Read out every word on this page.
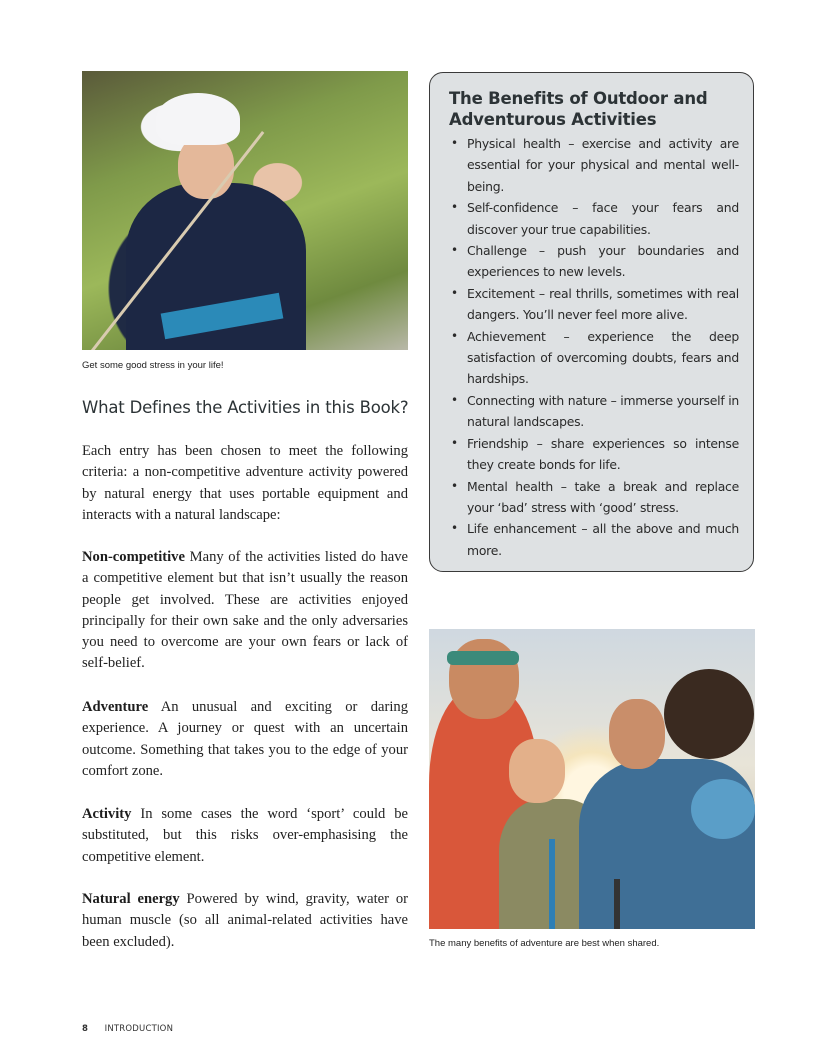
Get some good stress in your life!
What Defines the Activities in this Book?

Each entry has been chosen to meet the following criteria: a non-competitive adventure activity powered by natural energy that uses portable equipment and interacts with a natural landscape:

Non-competitive Many of the activities listed do have a competitive element but that isn’t usually the reason people get involved. These are activities enjoyed principally for their own sake and the only adversaries you need to overcome are your own fears or lack of self-belief.

Adventure An unusual and exciting or daring experience. A journey or quest with an uncertain outcome. Something that takes you to the edge of your comfort zone.

Activity In some cases the word ‘sport’ could be substituted, but this risks over-emphasising the competitive element.

Natural energy Powered by wind, gravity, water or human muscle (so all animal-related activities have been excluded).

The Benefits of Outdoor and Adventurous Activities
• Physical health – exercise and activity are essential for your physical and mental well-being.
• Self-confidence – face your fears and discover your true capabilities.
• Challenge – push your boundaries and experiences to new levels.
• Excitement – real thrills, sometimes with real dangers. You’ll never feel more alive.
• Achievement – experience the deep satisfaction of overcoming doubts, fears and hardships.
• Connecting with nature – immerse yourself in natural landscapes.
• Friendship – share experiences so intense they create bonds for life.
• Mental health – take a break and replace your ‘bad’ stress with ‘good’ stress.
• Life enhancement – all the above and much more.
The many benefits of adventure are best when shared.
8 INTRODUCTION
